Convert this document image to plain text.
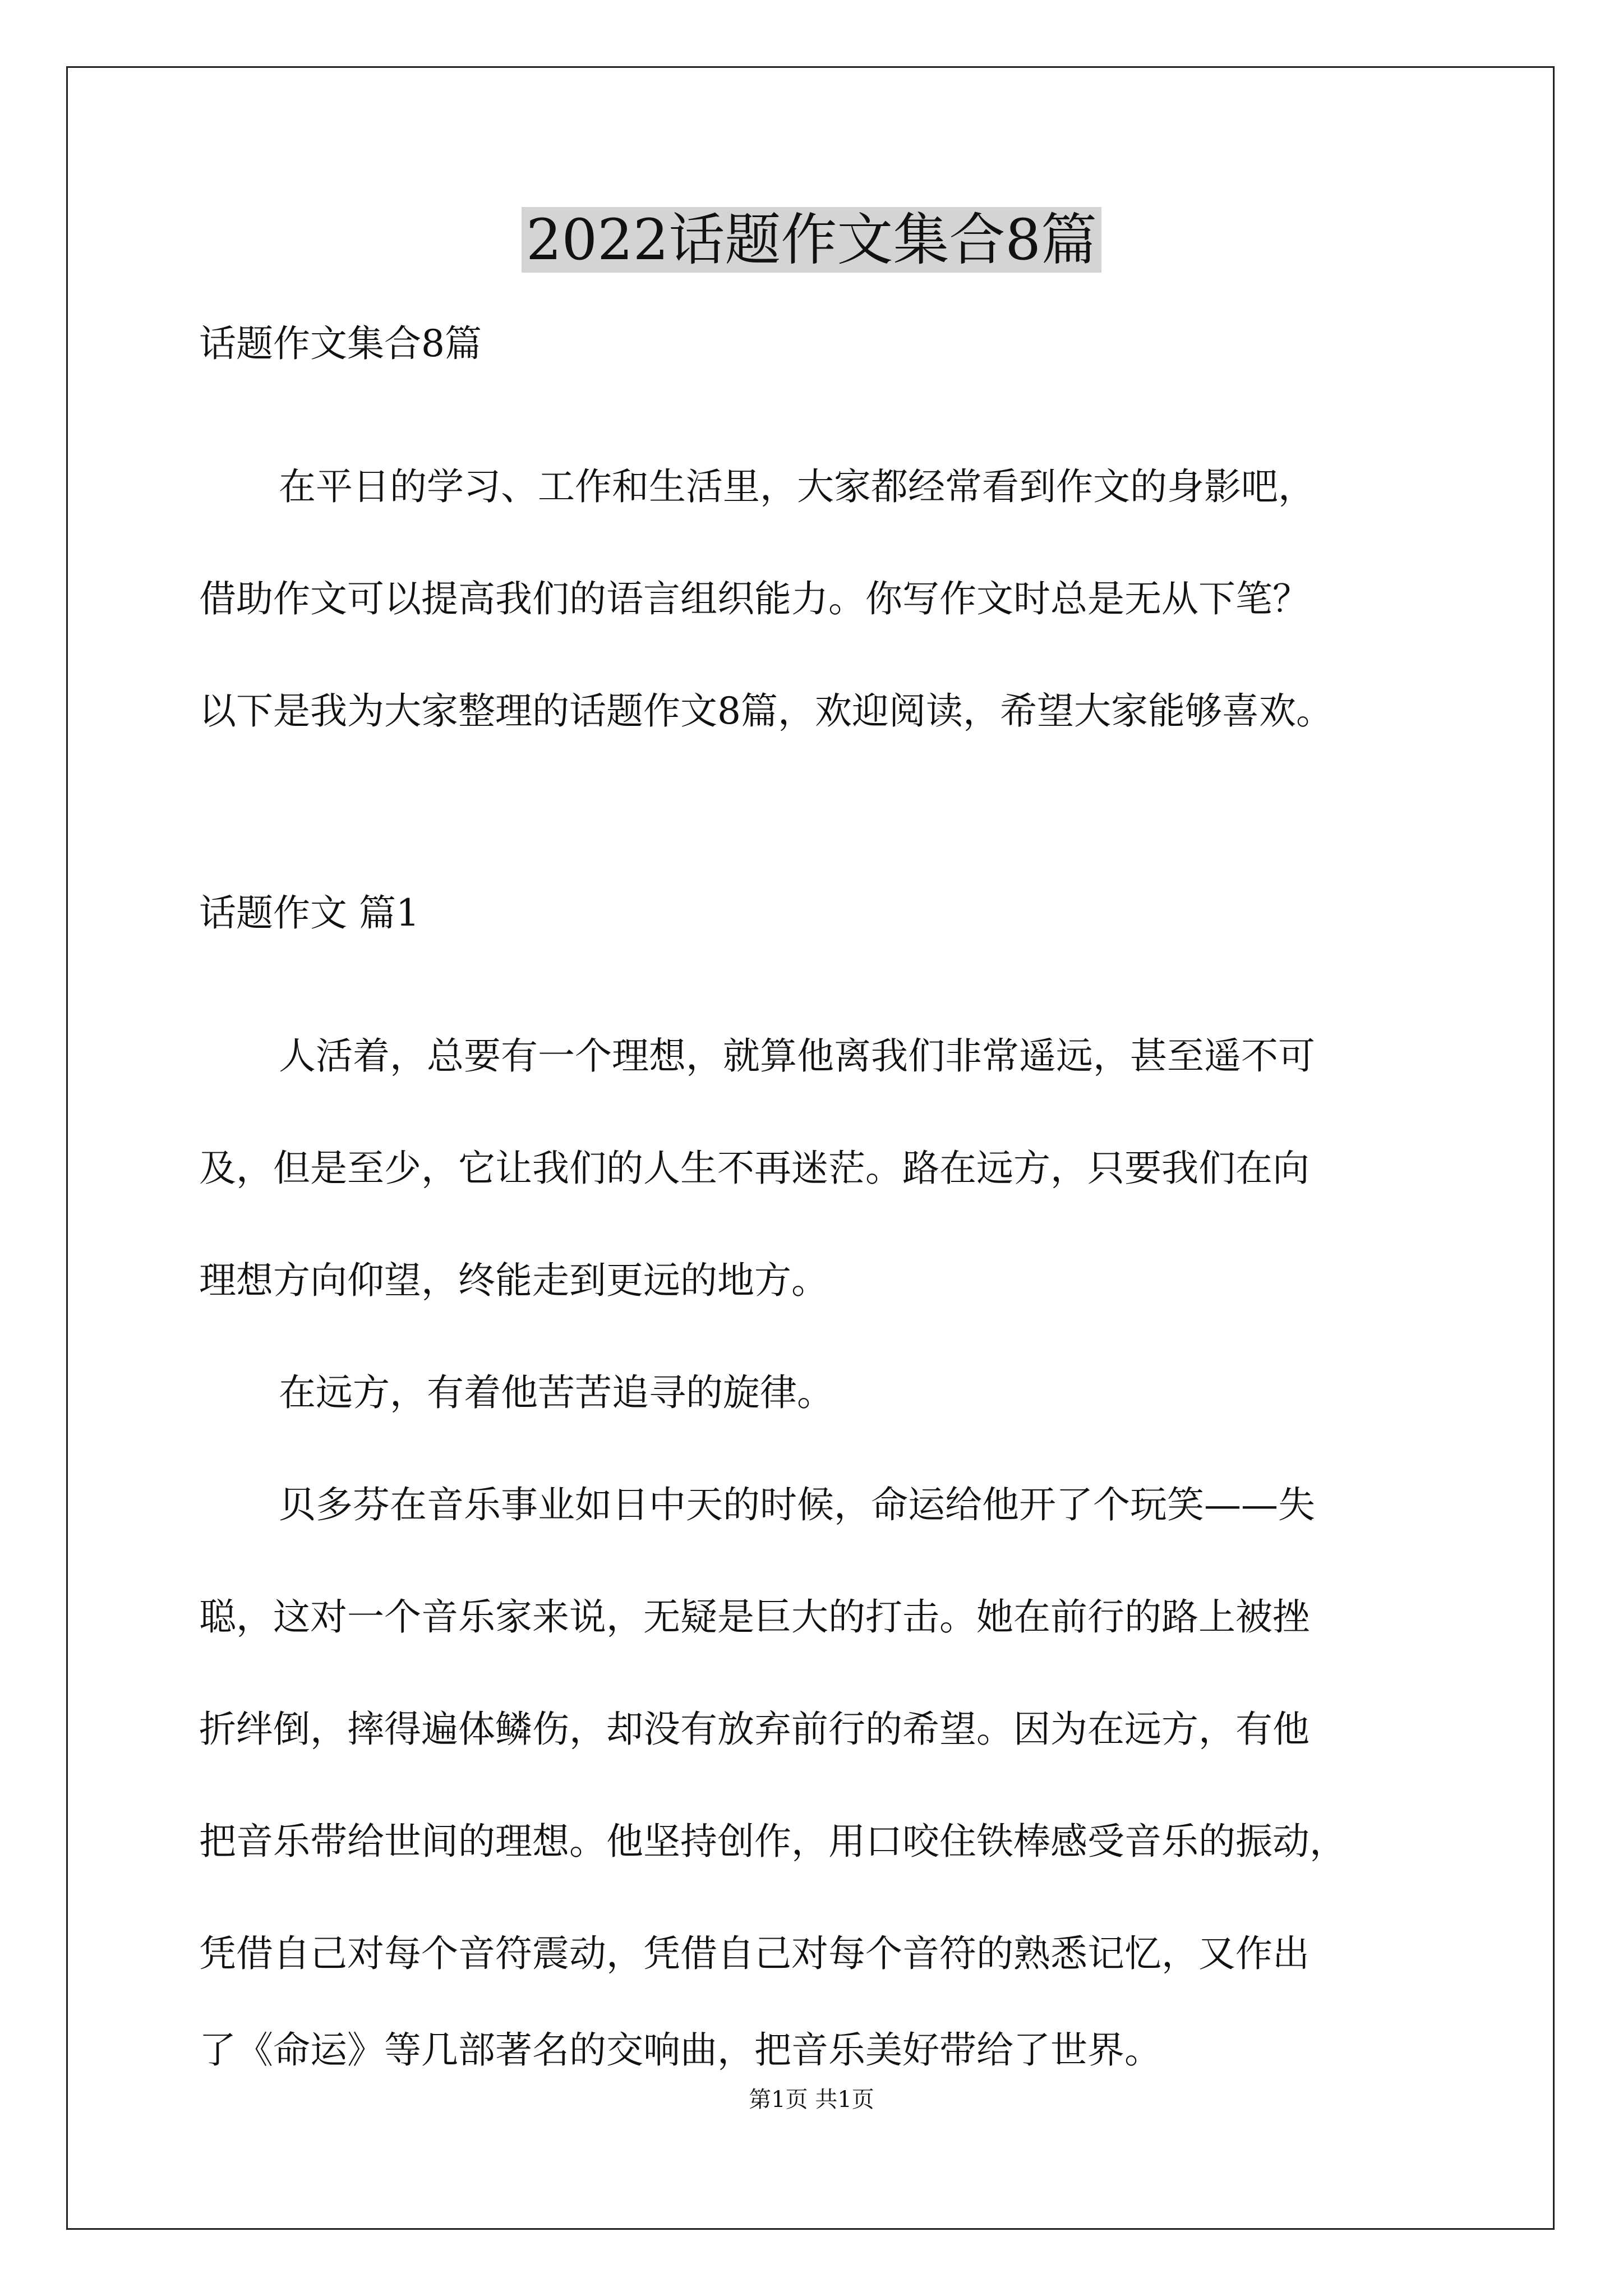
2022话题作文集合8篇
话题作文集合8篇
在平日的学习、工作和生活里，大家都经常看到作文的身影吧，
借助作文可以提高我们的语言组织能力。你写作文时总是无从下笔？
以下是我为大家整理的话题作文8篇，欢迎阅读，希望大家能够喜欢。
话题作文 篇1
人活着，总要有一个理想，就算他离我们非常遥远，甚至遥不可
及，但是至少，它让我们的人生不再迷茫。路在远方，只要我们在向
理想方向仰望，终能走到更远的地方。
在远方，有着他苦苦追寻的旋律。
贝多芬在音乐事业如日中天的时候，命运给他开了个玩笑——失
聪，这对一个音乐家来说，无疑是巨大的打击。她在前行的路上被挫
折绊倒，摔得遍体鳞伤，却没有放弃前行的希望。因为在远方，有他
把音乐带给世间的理想。他坚持创作，用口咬住铁棒感受音乐的振动，
凭借自己对每个音符震动，凭借自己对每个音符的熟悉记忆，又作出
了《命运》等几部著名的交响曲，把音乐美好带给了世界。
第1页 共1页
